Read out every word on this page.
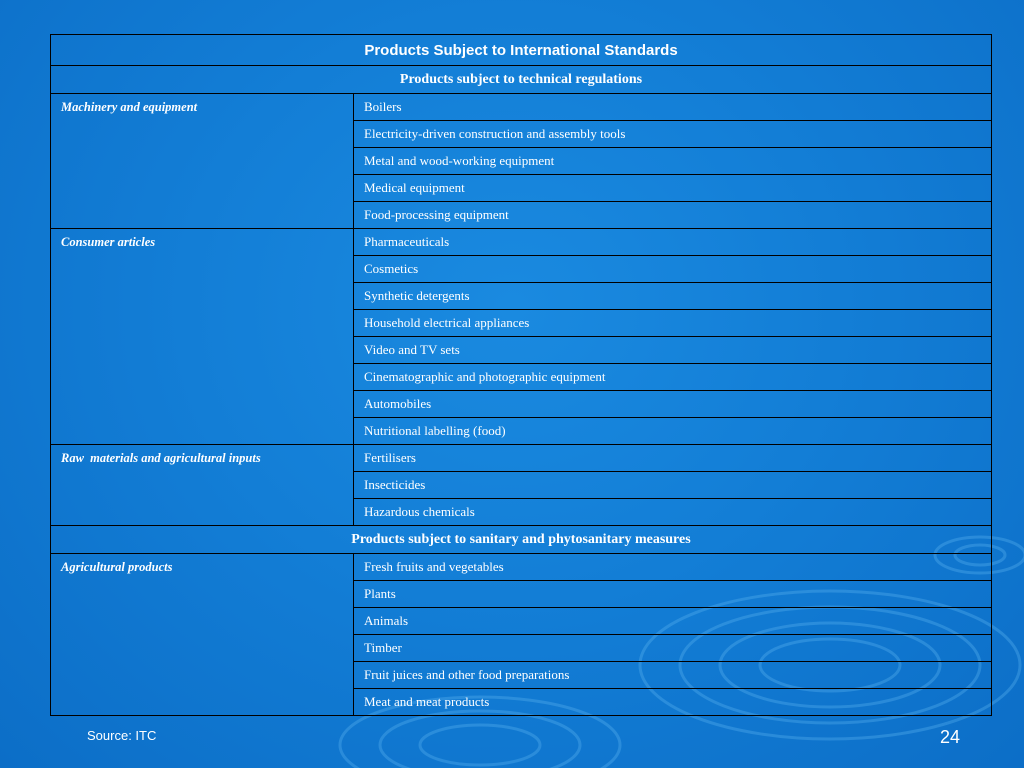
Products Subject to International Standards	
Products subject to technical regulations	
Machinery and equipment	Boilers
	Electricity-driven construction and assembly tools
	Metal and wood-working equipment
	Medical equipment
	Food-processing equipment
Consumer articles	Pharmaceuticals
	Cosmetics
	Synthetic detergents
	Household electrical appliances
	Video and TV sets
	Cinematographic and photographic equipment
	Automobiles
	Nutritional labelling (food)
Raw  materials and agricultural inputs	Fertilisers
	Insecticides
	Hazardous chemicals
Products subject to sanitary and phytosanitary measures	
Agricultural products	Fresh fruits and vegetables
	Plants
	Animals
	Timber
	Fruit juices and other food preparations
	Meat and meat products
Source: ITC	24
